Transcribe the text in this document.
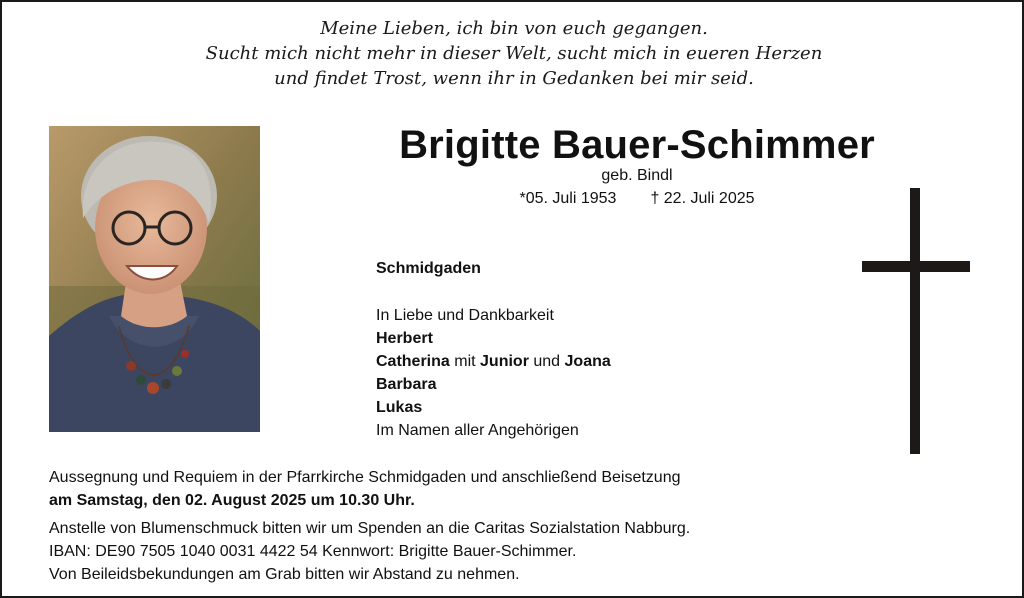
Meine Lieben, ich bin von euch gegangen.
Sucht mich nicht mehr in dieser Welt, sucht mich in eueren Herzen
und findet Trost, wenn ihr in Gedanken bei mir seid.
Brigitte Bauer-Schimmer
geb. Bindl
*05. Juli 1953 † 22. Juli 2025
Schmidgaden
In Liebe und Dankbarkeit
Herbert
Catherina mit Junior und Joana
Barbara
Lukas
Im Namen aller Angehörigen
Aussegnung und Requiem in der Pfarrkirche Schmidgaden und anschließend Beisetzung
am Samstag, den 02. August 2025 um 10.30 Uhr.
Anstelle von Blumenschmuck bitten wir um Spenden an die Caritas Sozialstation Nabburg.
IBAN: DE90 7505 1040 0031 4422 54 Kennwort: Brigitte Bauer-Schimmer.
Von Beileidsbekundungen am Grab bitten wir Abstand zu nehmen.
